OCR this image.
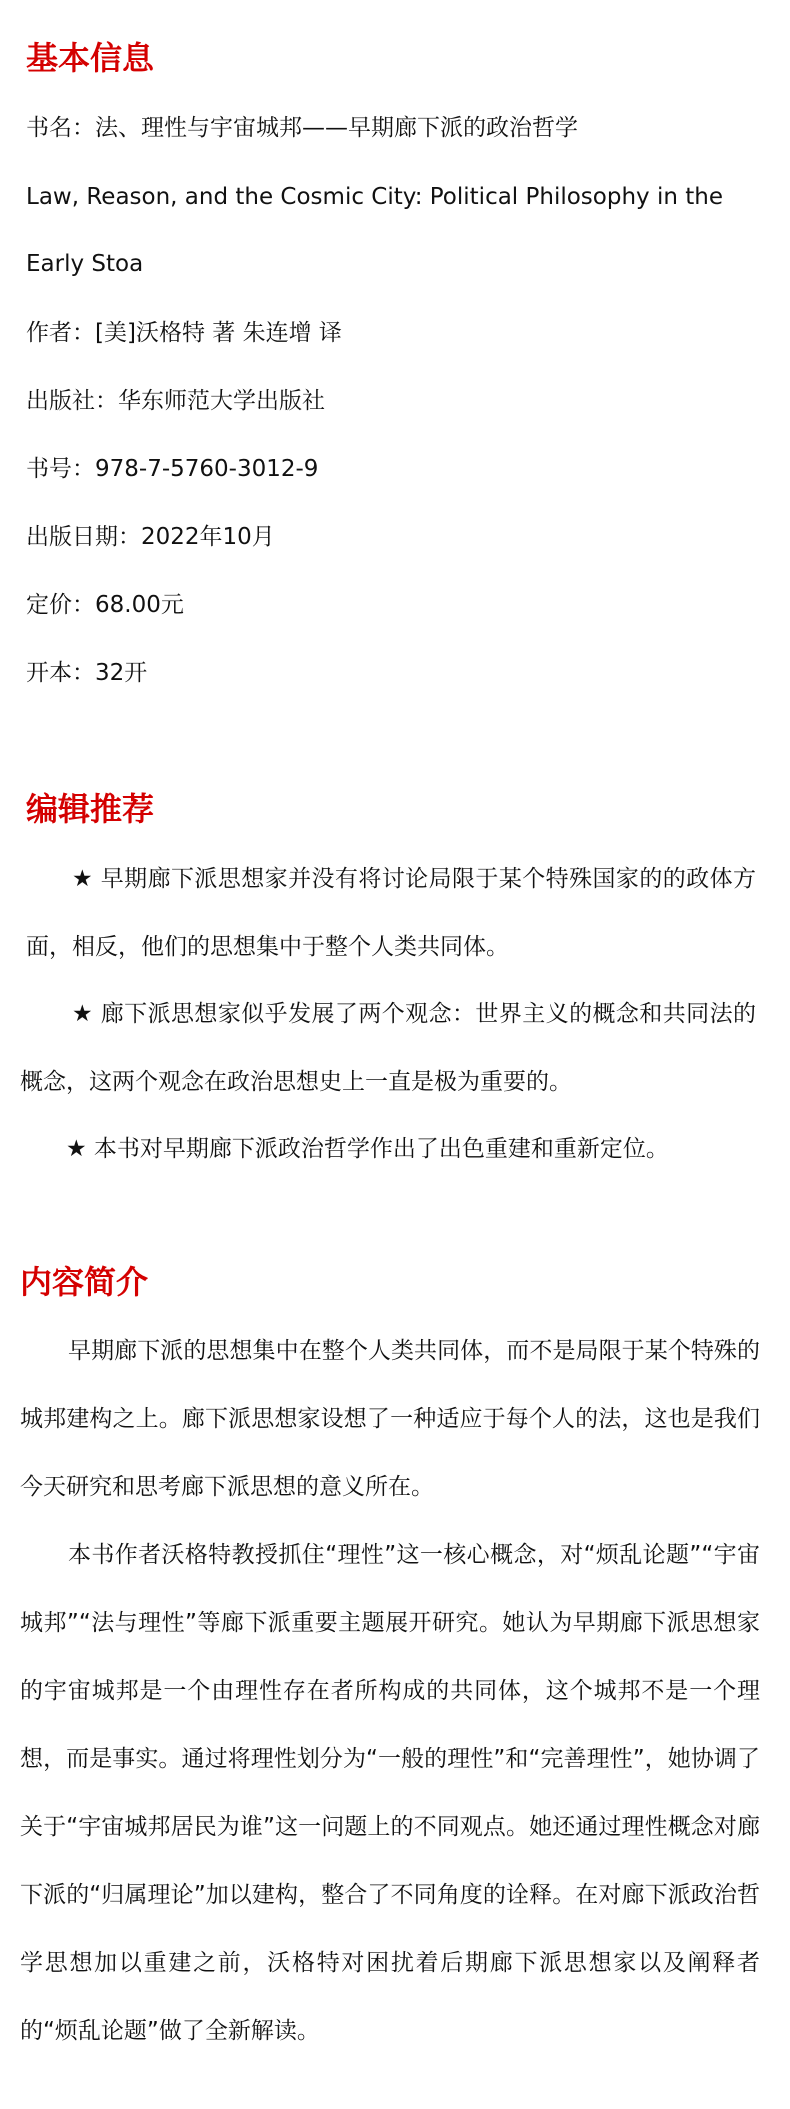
基本信息

书名：法、理性与宇宙城邦——早期廊下派的政治哲学

Law, Reason, and the Cosmic City: Political Philosophy in the

Early Stoa

作者：[美]沃格特 著 朱连增 译

出版社：华东师范大学出版社

书号：978-7-5760-3012-9

出版日期：2022年10月

定价：68.00元

开本：32开

编辑推荐

★ 早期廊下派思想家并没有将讨论局限于某个特殊国家的的政体方面，相反，他们的思想集中于整个人类共同体。

★ 廊下派思想家似乎发展了两个观念：世界主义的概念和共同法的概念，这两个观念在政治思想史上一直是极为重要的。

★ 本书对早期廊下派政治哲学作出了出色重建和重新定位。

内容简介

早期廊下派的思想集中在整个人类共同体，而不是局限于某个特殊的城邦建构之上。廊下派思想家设想了一种适应于每个人的法，这也是我们今天研究和思考廊下派思想的意义所在。

本书作者沃格特教授抓住“理性”这一核心概念，对“烦乱论题”“宇宙城邦”“法与理性”等廊下派重要主题展开研究。她认为早期廊下派思想家的宇宙城邦是一个由理性存在者所构成的共同体，这个城邦不是一个理想，而是事实。通过将理性划分为“一般的理性”和“完善理性”，她协调了关于“宇宙城邦居民为谁”这一问题上的不同观点。她还通过理性概念对廊下派的“归属理论”加以建构，整合了不同角度的诠释。在对廊下派政治哲学思想加以重建之前，沃格特对困扰着后期廊下派思想家以及阐释者的“烦乱论题”做了全新解读。
